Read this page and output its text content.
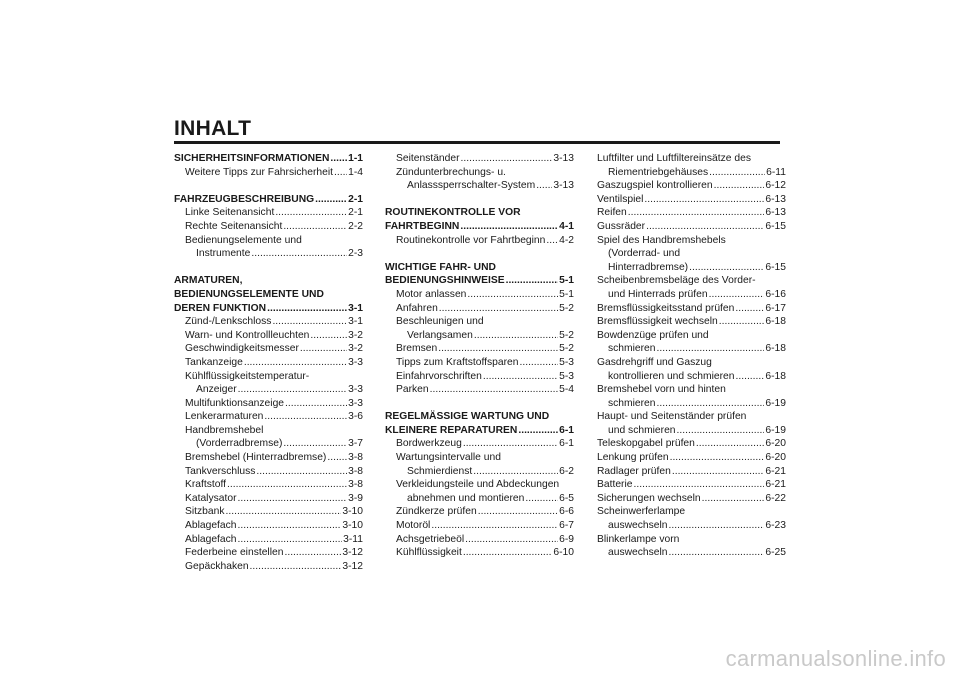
INHALT
SICHERHEITSINFORMATIONEN ..... 1-1
Weitere Tipps zur Fahrsicherheit ..... 1-4
FAHRZEUGBESCHREIBUNG .....	2-1
Linke Seitenansicht .....	2-1
Rechte Seitenansicht .....	2-2
Bedienungselemente und
Instrumente .....	2-3
ARMATUREN,
BEDIENUNGSELEMENTE UND
DEREN FUNKTION .....	3-1
Zünd-/Lenkschloss .....	3-1
Warn- und Kontrollleuchten .....	3-2
Geschwindigkeitsmesser .....	3-2
Tankanzeige .....	3-3
Kühlflüssigkeitstemperatur-
Anzeiger .....	3-3
Multifunktionsanzeige .....	3-3
Lenkerarmaturen .....	3-6
Handbremshebel
(Vorderradbremse) .....	3-7
Bremshebel (Hinterradbremse) ..... 3-8
Tankverschluss .....	3-8
Kraftstoff .....	3-8
Katalysator .....	3-9
Sitzbank .....	3-10
Ablagefach .....	3-10
Ablagefach .....	3-11
Federbeine einstellen .....	3-12
Gepäckhaken .....	3-12
Seitenständer .....	3-13
Zündunterbrechungs- u.
Anlasssperrschalter-System ..... 3-13
ROUTINEKONTROLLE VOR
FAHRTBEGINN .....	4-1
Routinekontrolle vor Fahrtbeginn ..... 4-2
WICHTIGE FAHR- UND
BEDIENUNGSHINWEISE .....	5-1
Motor anlassen .....	5-1
Anfahren .....	5-2
Beschleunigen und
Verlangsamen .....	5-2
Bremsen .....	5-2
Tipps zum Kraftstoffsparen .....	5-3
Einfahrvorschriften .....	5-3
Parken .....	5-4
REGELMÄSSIGE WARTUNG UND
KLEINERE REPARATUREN .....	6-1
Bordwerkzeug .....	6-1
Wartungsintervalle und
Schmierdienst .....	6-2
Verkleidungsteile und Abdeckungen
abnehmen und montieren .....	6-5
Zündkerze prüfen .....	6-6
Motoröl .....	6-7
Achsgetriebeöl .....	6-9
Kühlflüssigkeit .....	6-10
Luftfilter und Luftfiltereinsätze des
Riementriebgehäuses .....	6-11
Gaszugspiel kontrollieren .....	6-12
Ventilspiel .....	6-13
Reifen .....	6-13
Gussräder .....	6-15
Spiel des Handbremshebels
(Vorderrad- und
Hinterradbremse) .....	6-15
Scheibenbremsbeläge des Vorder-
und Hinterrads prüfen .....	6-16
Bremsflüssigkeitsstand prüfen .....	6-17
Bremsflüssigkeit wechseln .....	6-18
Bowdenzüge prüfen und
schmieren .....	6-18
Gasdrehgriff und Gaszug
kontrollieren und schmieren .....	6-18
Bremshebel vorn und hinten
schmieren .....	6-19
Haupt- und Seitenständer prüfen
und schmieren .....	6-19
Teleskopgabel prüfen .....	6-20
Lenkung prüfen .....	6-20
Radlager prüfen .....	6-21
Batterie .....	6-21
Sicherungen wechseln .....	6-22
Scheinwerferlampe
auswechseln .....	6-23
Blinkerlampe vorn
auswechseln .....	6-25
carmanualsonline.info
